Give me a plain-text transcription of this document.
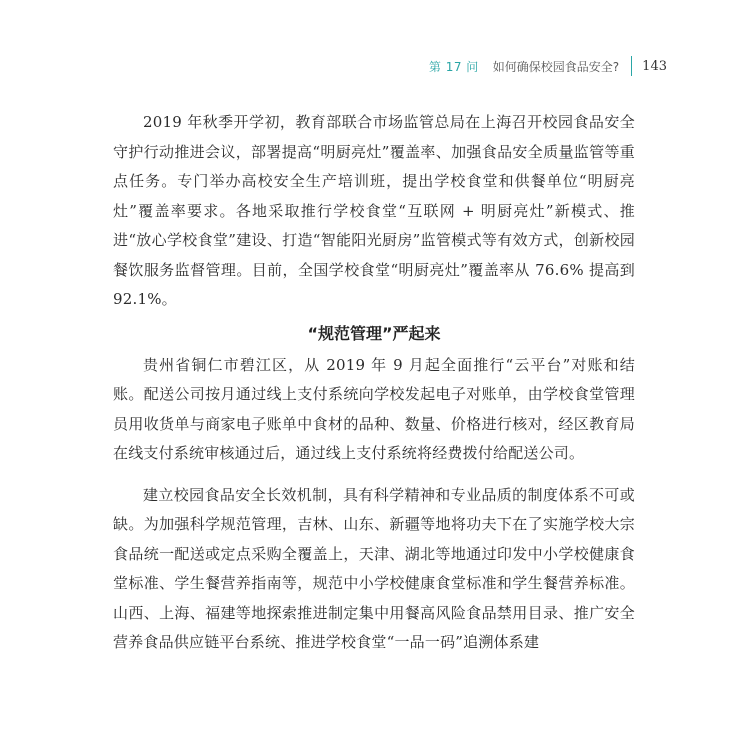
第 17 问 如何确保校园食品安全? 143

2019 年秋季开学初，教育部联合市场监管总局在上海召开校园食品安全守护行动推进会议，部署提高“明厨亮灶”覆盖率、加强食品安全质量监管等重点任务。专门举办高校安全生产培训班，提出学校食堂和供餐单位“明厨亮灶”覆盖率要求。各地采取推行学校食堂“互联网 + 明厨亮灶”新模式、推进“放心学校食堂”建设、打造“智能阳光厨房”监管模式等有效方式，创新校园餐饮服务监督管理。目前，全国学校食堂“明厨亮灶”覆盖率从 76.6% 提高到 92.1%。

“规范管理”严起来

贵州省铜仁市碧江区，从 2019 年 9 月起全面推行“云平台”对账和结账。配送公司按月通过线上支付系统向学校发起电子对账单，由学校食堂管理员用收货单与商家电子账单中食材的品种、数量、价格进行核对，经区教育局在线支付系统审核通过后，通过线上支付系统将经费拨付给配送公司。

建立校园食品安全长效机制，具有科学精神和专业品质的制度体系不可或缺。为加强科学规范管理，吉林、山东、新疆等地将功夫下在了实施学校大宗食品统一配送或定点采购全覆盖上，天津、湖北等地通过印发中小学校健康食堂标准、学生餐营养指南等，规范中小学校健康食堂标准和学生餐营养标准。山西、上海、福建等地探索推进制定集中用餐高风险食品禁用目录、推广安全营养食品供应链平台系统、推进学校食堂“一品一码”追溯体系建
